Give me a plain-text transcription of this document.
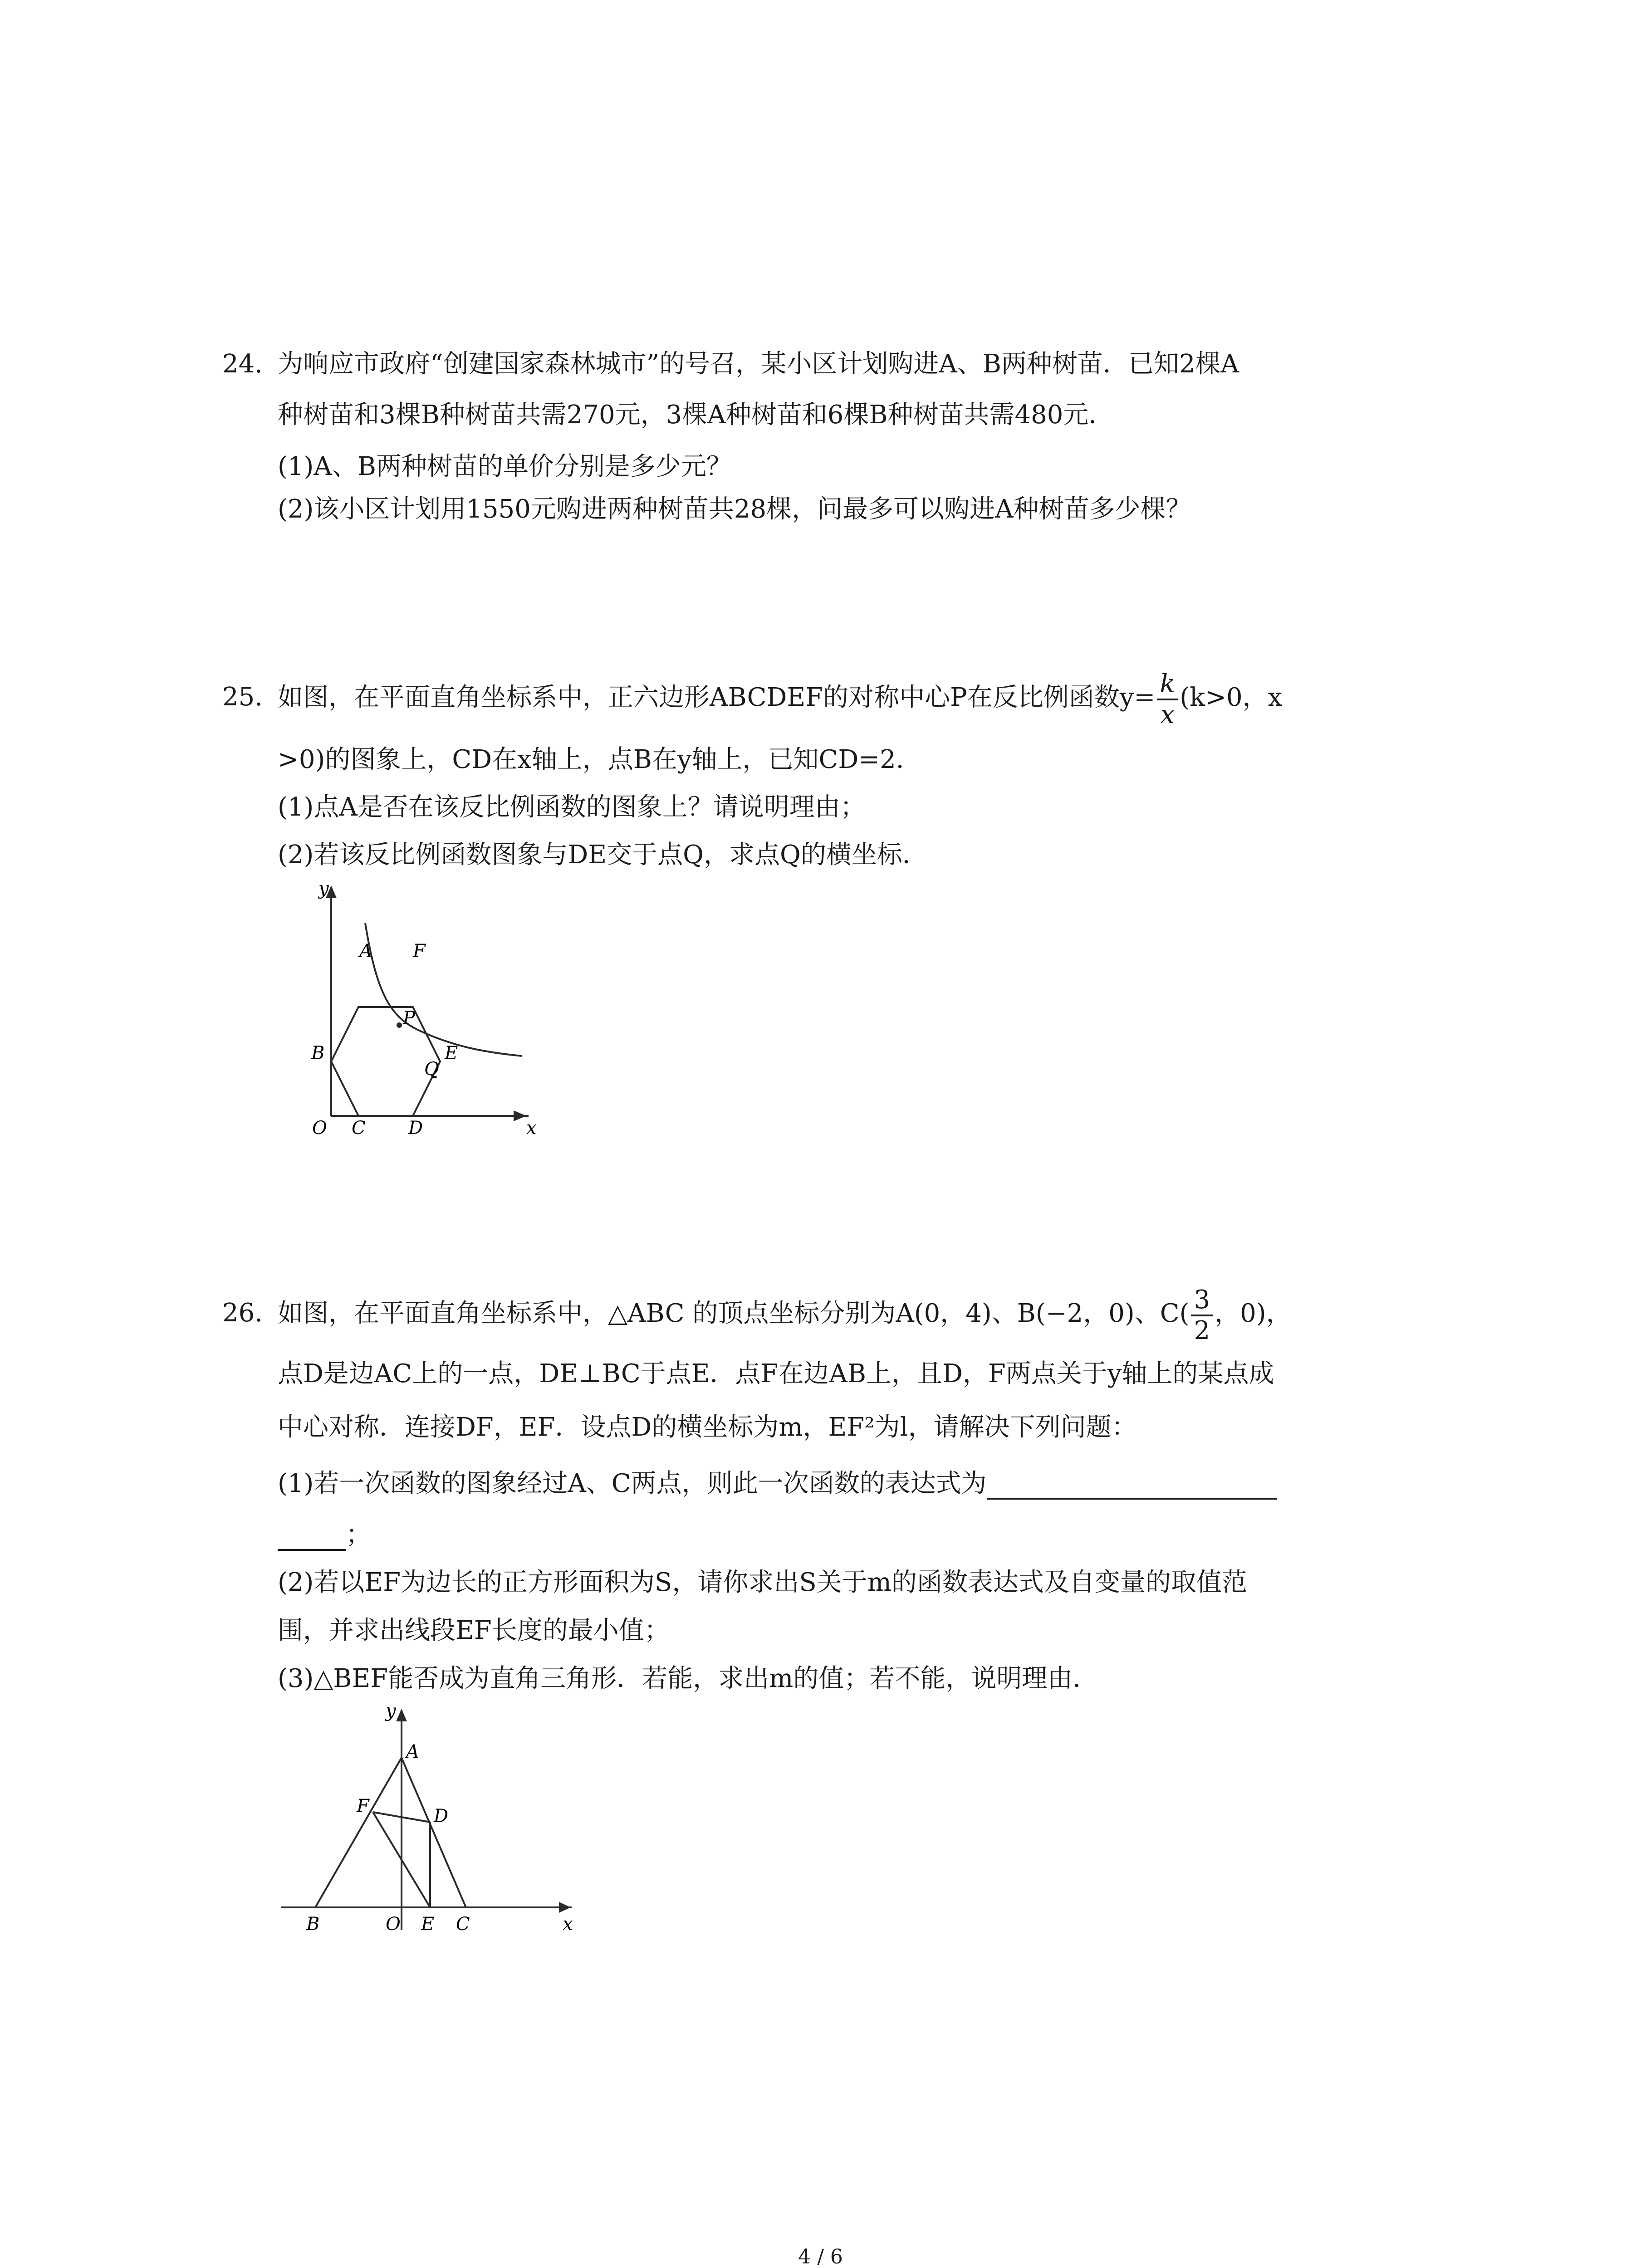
24. 为响应市政府“创建国家森林城市”的号召，某小区计划购进A、B两种树苗．已知2棵A
种树苗和3棵B种树苗共需270元，3棵A种树苗和6棵B种树苗共需480元．
(1)A、B两种树苗的单价分别是多少元？
(2)该小区计划用1550元购进两种树苗共28棵，问最多可以购进A种树苗多少棵？
25. 如图，在平面直角坐标系中，正六边形ABCDEF的对称中心P在反比例函数$y= \frac{k}{x} (k>0$，x
>0)的图象上，CD在x轴上，点B在y轴上，已知CD=2．
(1)点A是否在该反比例函数的图象上？请说明理由；
(2)若该反比例函数图象与DE交于点Q，求点Q的横坐标．
y
x
O
A
B
C D
E
F
P
Q
26. 如图，在平面直角坐标系中，△ABC 的顶点坐标分别为A(0，4)、B(−2，0)、$C( \frac{3}{2}$ ，0)，
点D是边AC上的一点，DE⊥BC于点E．点F在边AB上，且D，F两点关于y轴上的某点成
中心对称．连接DF，EF．设点D的横坐标为m，EF²为l，请解决下列问题：
(1)若一次函数的图象经过A、C两点，则此一次函数的表达式为
；
(2)若以EF为边长的正方形面积为S，请你求出S关于m的函数表达式及自变量的取值范
围，并求出线段EF长度的最小值；
(3)△BEF能否成为直角三角形．若能，求出m的值；若不能，说明理由．
A
B	C
D
E
F
O
y
x
4 / 6
